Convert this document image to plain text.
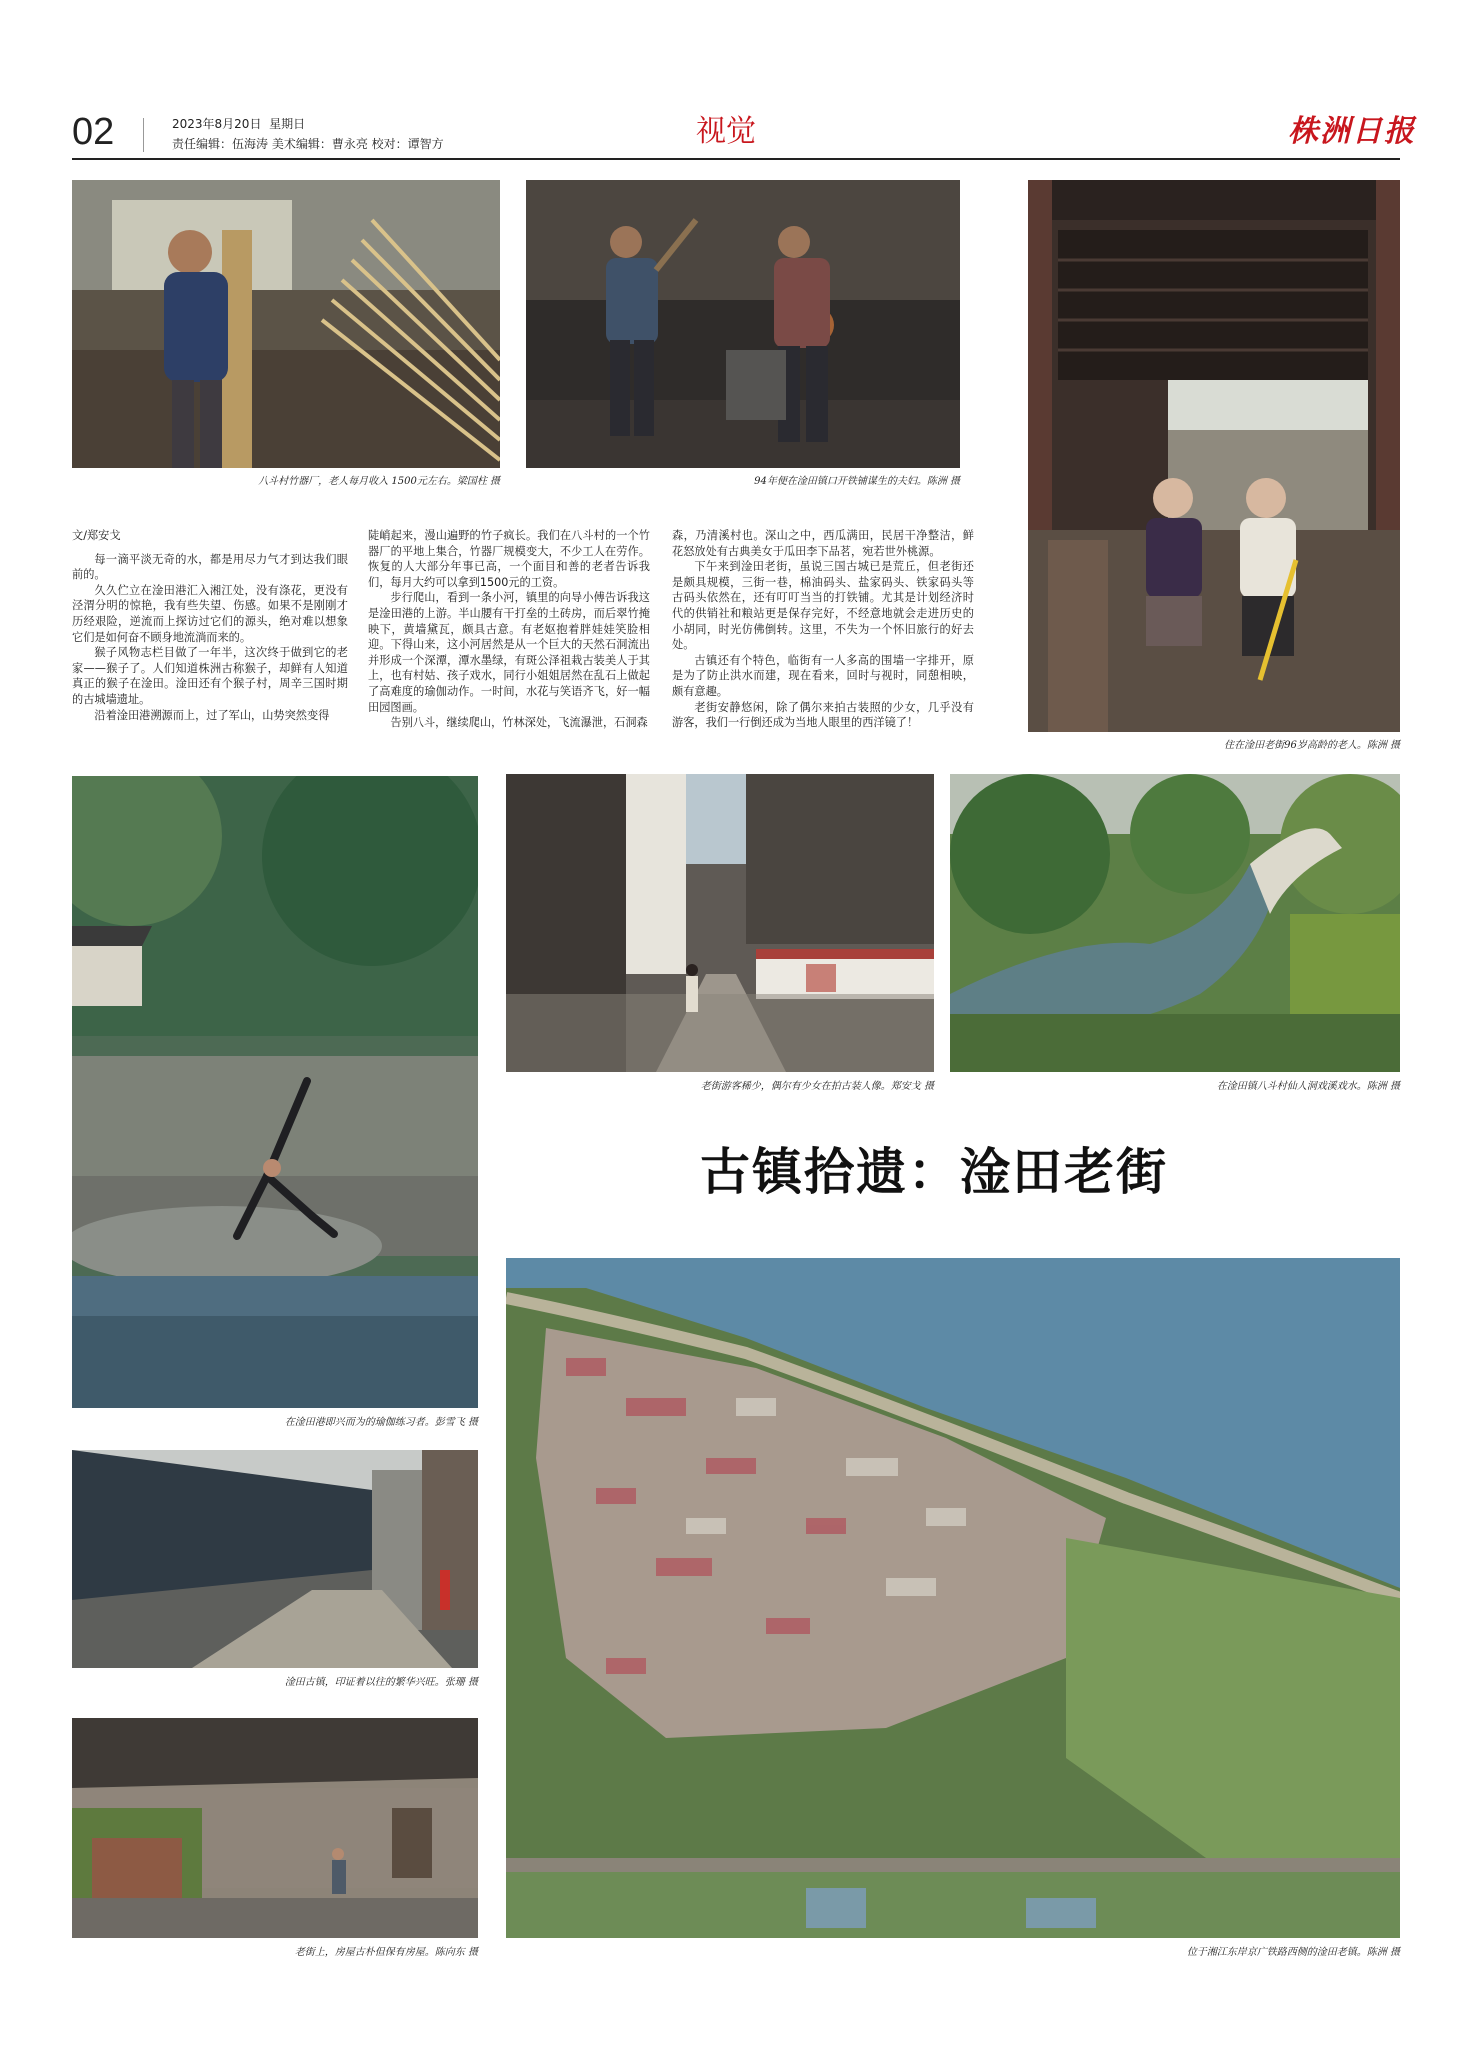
02	2023年8月20日  星期日
责任编辑：伍海涛 美术编辑：曹永亮 校对：谭智方	视觉	株洲日报
八斗村竹器厂，老人每月收入 1500元左右。梁国柱 摄	94年便在淦田镇口开铁铺谋生的夫妇。陈洲 摄
住在淦田老街96岁高龄的老人。陈洲 摄

文/郑安戈

每一滴平淡无奇的水，都是用尽力气才到达我们眼前的。

久久伫立在淦田港汇入湘江处，没有涤花，更没有泾渭分明的惊艳，我有些失望、伤感。如果不是刚刚才历经艰险，逆流而上探访过它们的源头，绝对难以想象它们是如何奋不顾身地流淌而来的。

猴子风物志栏目做了一年半，这次终于做到它的老家——猴子了。人们知道株洲古称猴子，却鲜有人知道真正的猴子在淦田。淦田还有个猴子村，周辛三国时期的古城墙遗址。

沿着淦田港溯源而上，过了军山，山势突然变得

陡峭起来，漫山遍野的竹子疯长。我们在八斗村的一个竹器厂的平地上集合，竹器厂规模变大，不少工人在劳作。恢复的人大部分年事已高，一个面目和善的老者告诉我们，每月大约可以拿到1500元的工资。

步行爬山，看到一条小河，镇里的向导小傅告诉我这是淦田港的上游。半山腰有干打垒的土砖房，而后翠竹掩映下，黄墙黛瓦，颇具古意。有老妪抱着胖娃娃笑脸相迎。下得山来，这小河居然是从一个巨大的天然石洞流出并形成一个深潭，潭水墨绿，有斑公泽祖栽古装美人于其上，也有村姑、孩子戏水，同行小姐姐居然在乱石上做起了高难度的瑜伽动作。一时间，水花与笑语齐飞，好一幅田园图画。

告别八斗，继续爬山，竹林深处，飞流瀑泄，石洞森

森，乃清溪村也。深山之中，西瓜满田，民居干净整洁，鲜花怒放处有古典美女于瓜田李下品茗，宛若世外桃源。

下午来到淦田老街，虽说三国古城已是荒丘，但老街还是颇具规模，三街一巷，棉油码头、盐家码头、铁家码头等古码头依然在，还有叮叮当当的打铁铺。尤其是计划经济时代的供销社和粮站更是保存完好，不经意地就会走进历史的小胡同，时光仿佛倒转。这里，不失为一个怀旧旅行的好去处。

古镇还有个特色，临街有一人多高的围墙一字排开，原是为了防止洪水而建，现在看来，回时与视时，同憩相映，颇有意趣。

老街安静悠闲，除了偶尔来拍古装照的少女，几乎没有游客，我们一行倒还成为当地人眼里的西洋镜了！

在淦田港即兴而为的瑜伽练习者。彭雪飞 摄
老街游客稀少，偶尔有少女在拍古装人像。郑安戈 摄	在淦田镇八斗村仙人洞戏溪戏水。陈洲 摄
古镇拾遗：淦田老街
淦田古镇，印证着以往的繁华兴旺。张珊 摄
老街上，房屋古朴但保有房屋。陈向东 摄	位于湘江东岸京广铁路西侧的淦田老镇。陈洲 摄
